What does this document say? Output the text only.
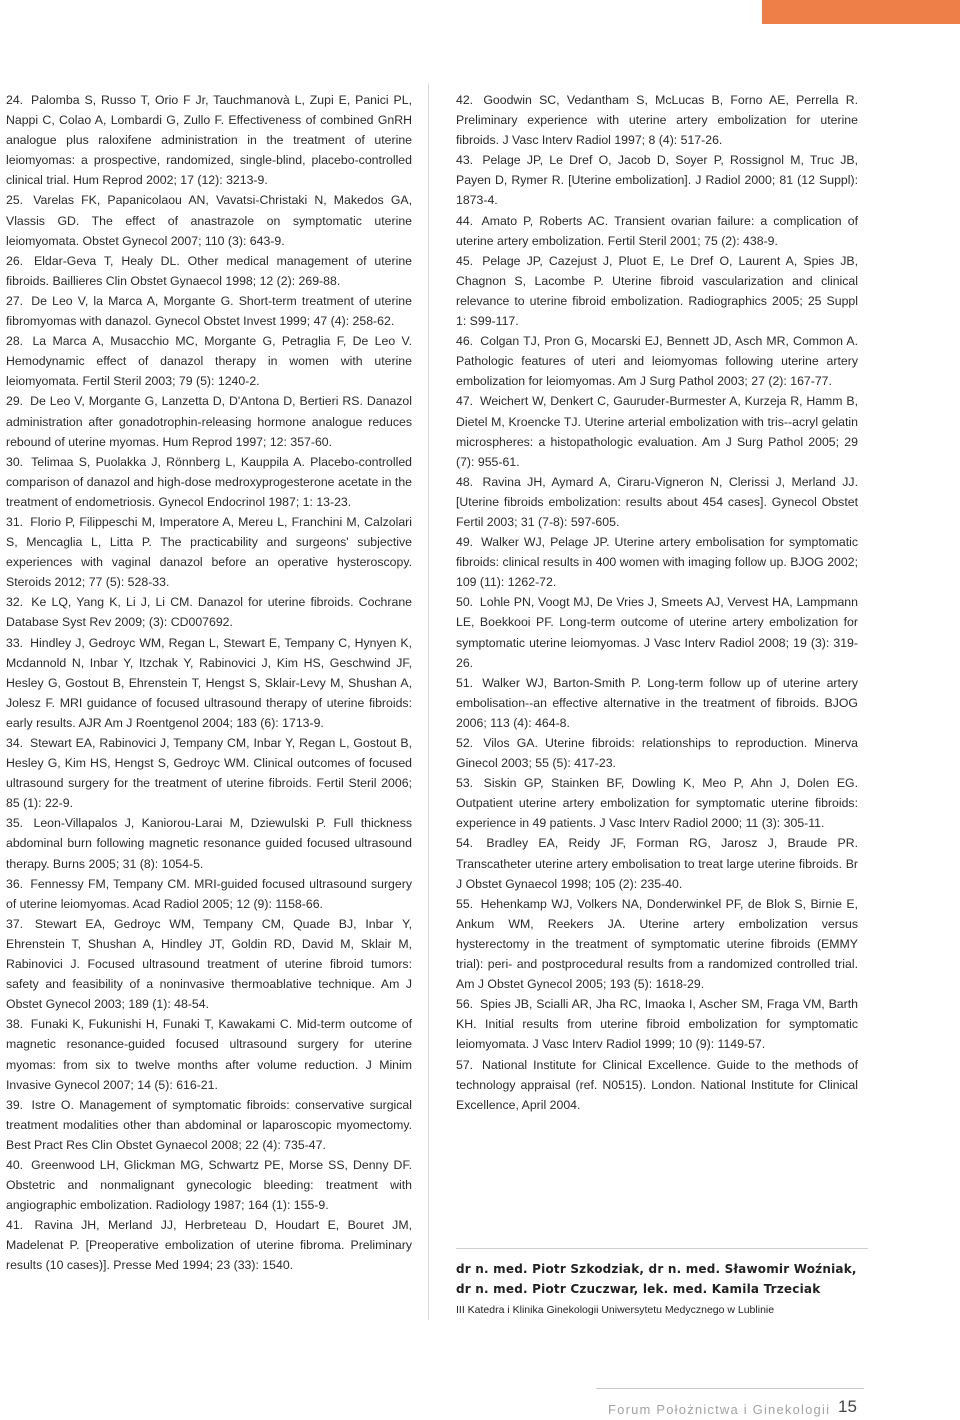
24. Palomba S, Russo T, Orio F Jr, Tauchmanovà L, Zupi E, Panici PL, Nappi C, Colao A, Lombardi G, Zullo F. Effectiveness of combined GnRH analogue plus raloxifene administration in the treatment of uterine leiomyomas: a prospective, randomized, single-blind, placebo-controlled clinical trial. Hum Reprod 2002; 17 (12): 3213-9.
25. Varelas FK, Papanicolaou AN, Vavatsi-Christaki N, Makedos GA, Vlassis GD. The effect of anastrazole on symptomatic uterine leiomyomata. Obstet Gynecol 2007; 110 (3): 643-9.
26. Eldar-Geva T, Healy DL. Other medical management of uterine fibroids. Baillieres Clin Obstet Gynaecol 1998; 12 (2): 269-88.
27. De Leo V, la Marca A, Morgante G. Short-term treatment of uterine fibromyomas with danazol. Gynecol Obstet Invest 1999; 47 (4): 258-62.
28. La Marca A, Musacchio MC, Morgante G, Petraglia F, De Leo V. Hemodynamic effect of danazol therapy in women with uterine leiomyomata. Fertil Steril 2003; 79 (5): 1240-2.
29. De Leo V, Morgante G, Lanzetta D, D'Antona D, Bertieri RS. Danazol administration after gonadotrophin-releasing hormone analogue reduces rebound of uterine myomas. Hum Reprod 1997; 12: 357-60.
30. Telimaa S, Puolakka J, Rönnberg L, Kauppila A. Placebo-controlled comparison of danazol and high-dose medroxyprogesterone acetate in the treatment of endometriosis. Gynecol Endocrinol 1987; 1: 13-23.
31. Florio P, Filippeschi M, Imperatore A, Mereu L, Franchini M, Calzolari S, Mencaglia L, Litta P. The practicability and surgeons' subjective experiences with vaginal danazol before an operative hysteroscopy. Steroids 2012; 77 (5): 528-33.
32. Ke LQ, Yang K, Li J, Li CM. Danazol for uterine fibroids. Cochrane Database Syst Rev 2009; (3): CD007692.
33. Hindley J, Gedroyc WM, Regan L, Stewart E, Tempany C, Hynyen K, Mcdannold N, Inbar Y, Itzchak Y, Rabinovici J, Kim HS, Geschwind JF, Hesley G, Gostout B, Ehrenstein T, Hengst S, Sklair-Levy M, Shushan A, Jolesz F. MRI guidance of focused ultrasound therapy of uterine fibroids: early results. AJR Am J Roentgenol 2004; 183 (6): 1713-9.
34. Stewart EA, Rabinovici J, Tempany CM, Inbar Y, Regan L, Gostout B, Hesley G, Kim HS, Hengst S, Gedroyc WM. Clinical outcomes of focused ultrasound surgery for the treatment of uterine fibroids. Fertil Steril 2006; 85 (1): 22-9.
35. Leon-Villapalos J, Kaniorou-Larai M, Dziewulski P. Full thickness abdominal burn following magnetic resonance guided focused ultrasound therapy. Burns 2005; 31 (8): 1054-5.
36. Fennessy FM, Tempany CM. MRI-guided focused ultrasound surgery of uterine leiomyomas. Acad Radiol 2005; 12 (9): 1158-66.
37. Stewart EA, Gedroyc WM, Tempany CM, Quade BJ, Inbar Y, Ehrenstein T, Shushan A, Hindley JT, Goldin RD, David M, Sklair M, Rabinovici J. Focused ultrasound treatment of uterine fibroid tumors: safety and feasibility of a noninvasive thermoablative technique. Am J Obstet Gynecol 2003; 189 (1): 48-54.
38. Funaki K, Fukunishi H, Funaki T, Kawakami C. Mid-term outcome of magnetic resonance-guided focused ultrasound surgery for uterine myomas: from six to twelve months after volume reduction. J Minim Invasive Gynecol 2007; 14 (5): 616-21.
39. Istre O. Management of symptomatic fibroids: conservative surgical treatment modalities other than abdominal or laparoscopic myomectomy. Best Pract Res Clin Obstet Gynaecol 2008; 22 (4): 735-47.
40. Greenwood LH, Glickman MG, Schwartz PE, Morse SS, Denny DF. Obstetric and nonmalignant gynecologic bleeding: treatment with angiographic embolization. Radiology 1987; 164 (1): 155-9.
41. Ravina JH, Merland JJ, Herbreteau D, Houdart E, Bouret JM, Madelenat P. [Preoperative embolization of uterine fibroma. Preliminary results (10 cases)]. Presse Med 1994; 23 (33): 1540.
42. Goodwin SC, Vedantham S, McLucas B, Forno AE, Perrella R. Preliminary experience with uterine artery embolization for uterine fibroids. J Vasc Interv Radiol 1997; 8 (4): 517-26.
43. Pelage JP, Le Dref O, Jacob D, Soyer P, Rossignol M, Truc JB, Payen D, Rymer R. [Uterine embolization]. J Radiol 2000; 81 (12 Suppl): 1873-4.
44. Amato P, Roberts AC. Transient ovarian failure: a complication of uterine artery embolization. Fertil Steril 2001; 75 (2): 438-9.
45. Pelage JP, Cazejust J, Pluot E, Le Dref O, Laurent A, Spies JB, Chagnon S, Lacombe P. Uterine fibroid vascularization and clinical relevance to uterine fibroid embolization. Radiographics 2005; 25 Suppl 1: S99-117.
46. Colgan TJ, Pron G, Mocarski EJ, Bennett JD, Asch MR, Common A. Pathologic features of uteri and leiomyomas following uterine artery embolization for leiomyomas. Am J Surg Pathol 2003; 27 (2): 167-77.
47. Weichert W, Denkert C, Gauruder-Burmester A, Kurzeja R, Hamm B, Dietel M, Kroencke TJ. Uterine arterial embolization with tris--acryl gelatin microspheres: a histopathologic evaluation. Am J Surg Pathol 2005; 29 (7): 955-61.
48. Ravina JH, Aymard A, Ciraru-Vigneron N, Clerissi J, Merland JJ. [Uterine fibroids embolization: results about 454 cases]. Gynecol Obstet Fertil 2003; 31 (7-8): 597-605.
49. Walker WJ, Pelage JP. Uterine artery embolisation for symptomatic fibroids: clinical results in 400 women with imaging follow up. BJOG 2002; 109 (11): 1262-72.
50. Lohle PN, Voogt MJ, De Vries J, Smeets AJ, Vervest HA, Lampmann LE, Boekkooi PF. Long-term outcome of uterine artery embolization for symptomatic uterine leiomyomas. J Vasc Interv Radiol 2008; 19 (3): 319-26.
51. Walker WJ, Barton-Smith P. Long-term follow up of uterine artery embolisation--an effective alternative in the treatment of fibroids. BJOG 2006; 113 (4): 464-8.
52. Vilos GA. Uterine fibroids: relationships to reproduction. Minerva Ginecol 2003; 55 (5): 417-23.
53. Siskin GP, Stainken BF, Dowling K, Meo P, Ahn J, Dolen EG. Outpatient uterine artery embolization for symptomatic uterine fibroids: experience in 49 patients. J Vasc Interv Radiol 2000; 11 (3): 305-11.
54. Bradley EA, Reidy JF, Forman RG, Jarosz J, Braude PR. Transcatheter uterine artery embolisation to treat large uterine fibroids. Br J Obstet Gynaecol 1998; 105 (2): 235-40.
55. Hehenkamp WJ, Volkers NA, Donderwinkel PF, de Blok S, Birnie E, Ankum WM, Reekers JA. Uterine artery embolization versus hysterectomy in the treatment of symptomatic uterine fibroids (EMMY trial): peri- and postprocedural results from a randomized controlled trial. Am J Obstet Gynecol 2005; 193 (5): 1618-29.
56. Spies JB, Scialli AR, Jha RC, Imaoka I, Ascher SM, Fraga VM, Barth KH. Initial results from uterine fibroid embolization for symptomatic leiomyomata. J Vasc Interv Radiol 1999; 10 (9): 1149-57.
57. National Institute for Clinical Excellence. Guide to the methods of technology appraisal (ref. N0515). London. National Institute for Clinical Excellence, April 2004.
dr n. med. Piotr Szkodziak, dr n. med. Sławomir Woźniak,
dr n. med. Piotr Czuczwar, lek. med. Kamila Trzeciak
III Katedra i Klinika Ginekologii Uniwersytetu Medycznego w Lublinie
Forum Położnictwa i Ginekologii 15
